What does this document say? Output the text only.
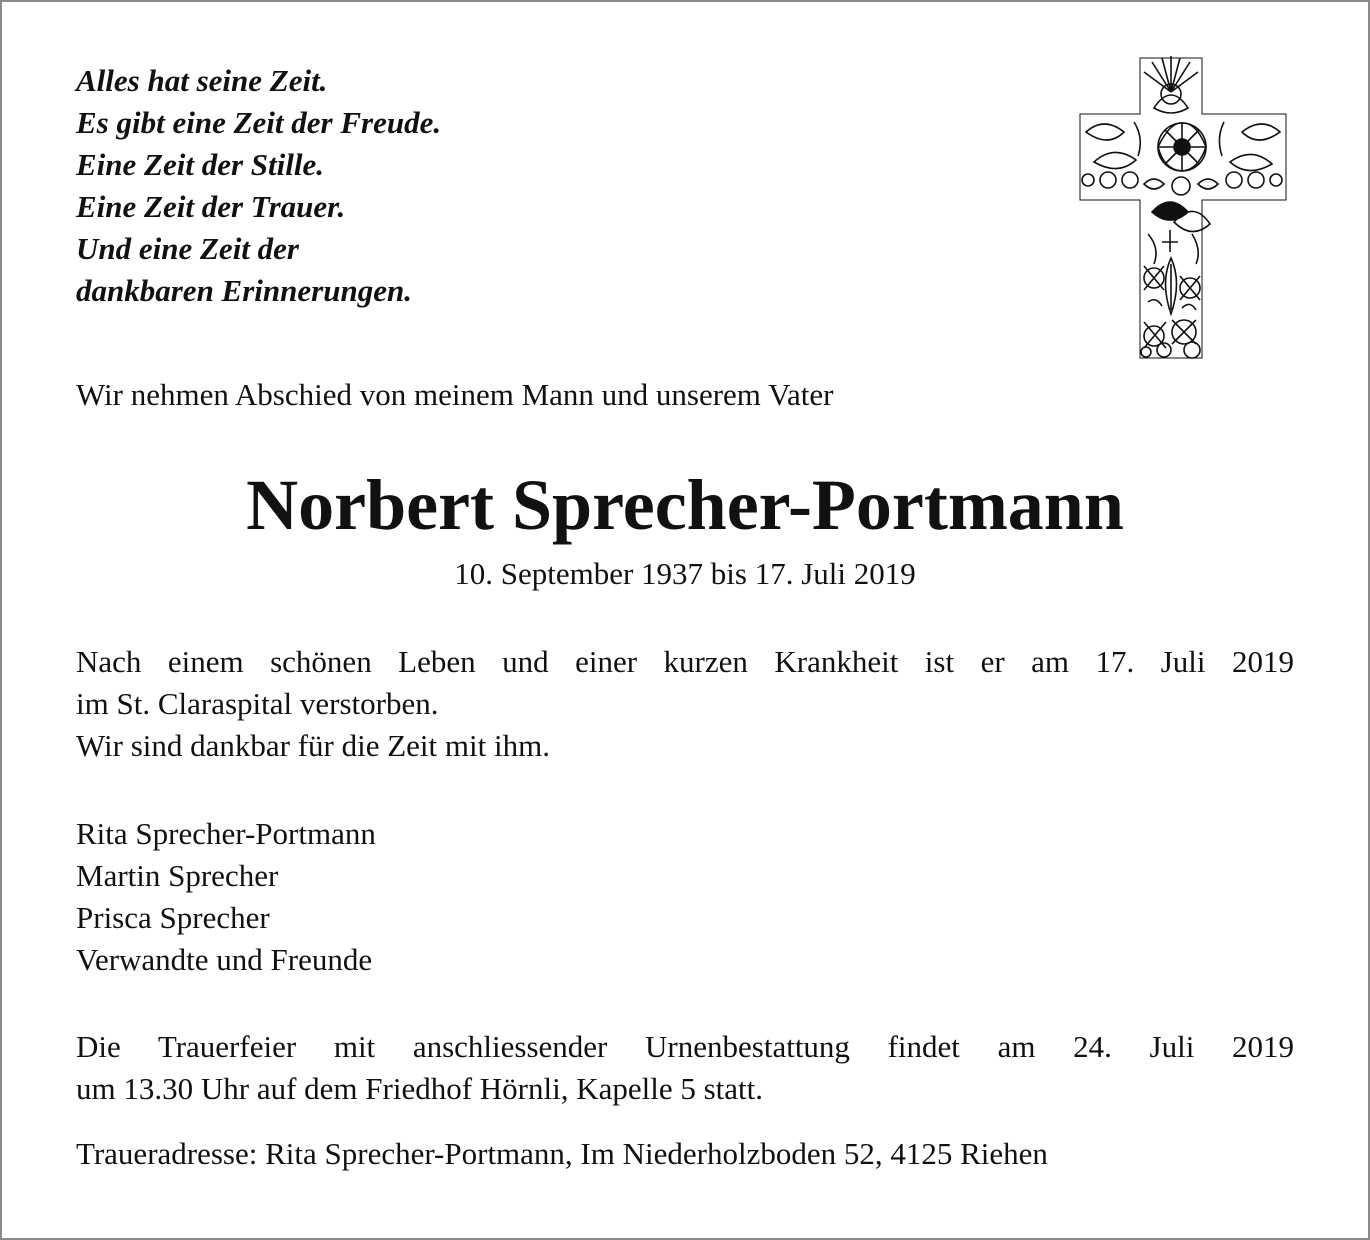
Alles hat seine Zeit.
Es gibt eine Zeit der Freude.
Eine Zeit der Stille.
Eine Zeit der Trauer.
Und eine Zeit der
dankbaren Erinnerungen.
Wir nehmen Abschied von meinem Mann und unserem Vater
Norbert Sprecher-Portmann
10. September 1937 bis 17. Juli 2019
Nach einem schönen Leben und einer kurzen Krankheit ist er am 17. Juli 2019
im St. Claraspital verstorben.
Wir sind dankbar für die Zeit mit ihm.
Rita Sprecher-Portmann
Martin Sprecher
Prisca Sprecher
Verwandte und Freunde
Die Trauerfeier mit anschliessender Urnenbestattung findet am 24. Juli 2019
um 13.30 Uhr auf dem Friedhof Hörnli, Kapelle 5 statt.
Traueradresse: Rita Sprecher-Portmann, Im Niederholzboden 52, 4125 Riehen
